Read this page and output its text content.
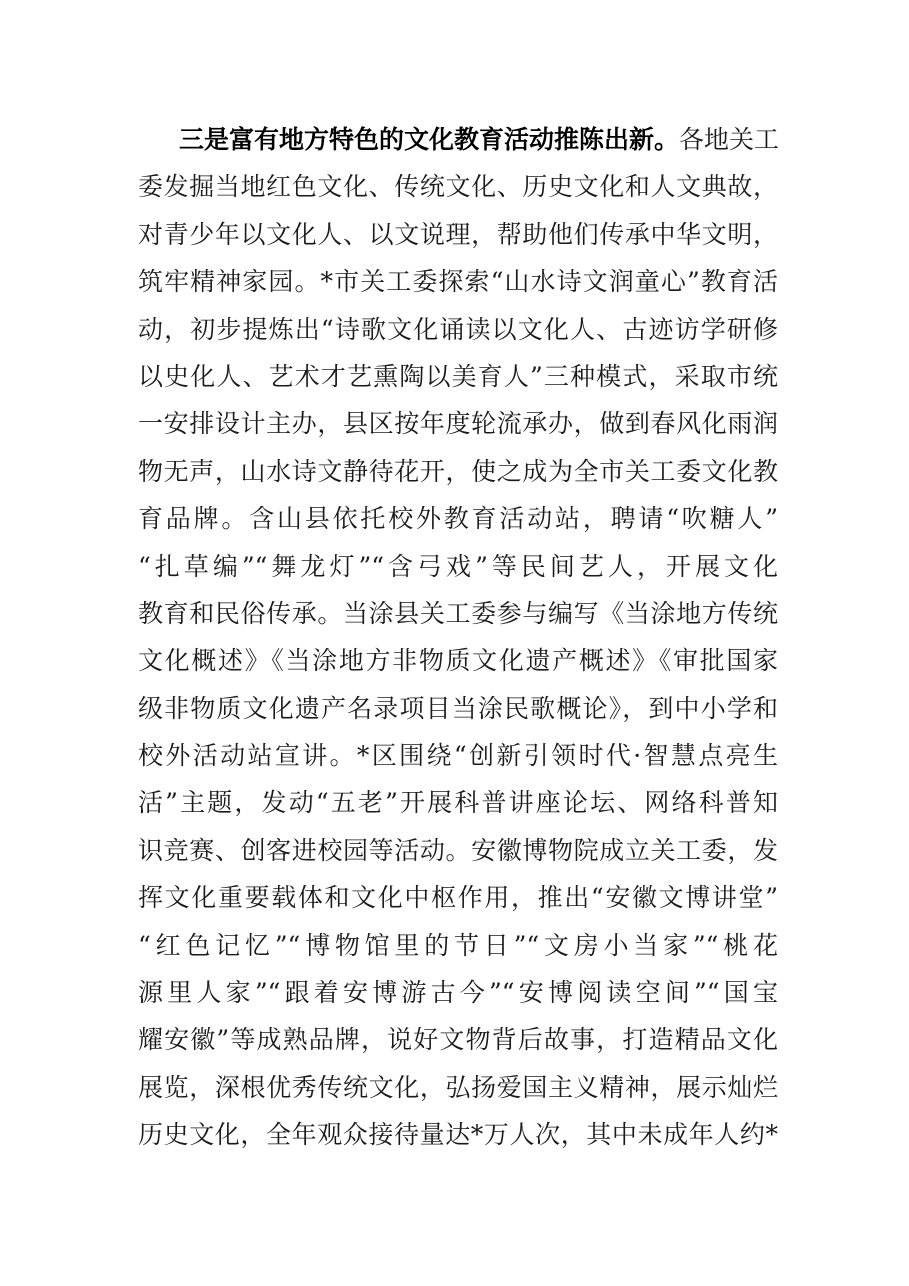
三是富有地方特色的文化教育活动推陈出新。各地关工
委发掘当地红色文化、传统文化、历史文化和人文典故，
对青少年以文化人、以文说理，帮助他们传承中华文明，
筑牢精神家园。*市关工委探索“山水诗文润童心”教育活
动，初步提炼出“诗歌文化诵读以文化人、古迹访学研修
以史化人、艺术才艺熏陶以美育人”三种模式，采取市统
一安排设计主办，县区按年度轮流承办，做到春风化雨润
物无声，山水诗文静待花开，使之成为全市关工委文化教
育品牌。含山县依托校外教育活动站，聘请“吹糖人”
“扎草编”“舞龙灯”“含弓戏”等民间艺人，开展文化
教育和民俗传承。当涂县关工委参与编写《当涂地方传统
文化概述》《当涂地方非物质文化遗产概述》《审批国家
级非物质文化遗产名录项目当涂民歌概论》，到中小学和
校外活动站宣讲。*区围绕“创新引领时代·智慧点亮生
活”主题，发动“五老”开展科普讲座论坛、网络科普知
识竞赛、创客进校园等活动。安徽博物院成立关工委，发
挥文化重要载体和文化中枢作用，推出“安徽文博讲堂”
“红色记忆”“博物馆里的节日”“文房小当家”“桃花
源里人家”“跟着安博游古今”“安博阅读空间”“国宝
耀安徽”等成熟品牌，说好文物背后故事，打造精品文化
展览，深根优秀传统文化，弘扬爱国主义精神，展示灿烂
历史文化，全年观众接待量达*万人次，其中未成年人约*
